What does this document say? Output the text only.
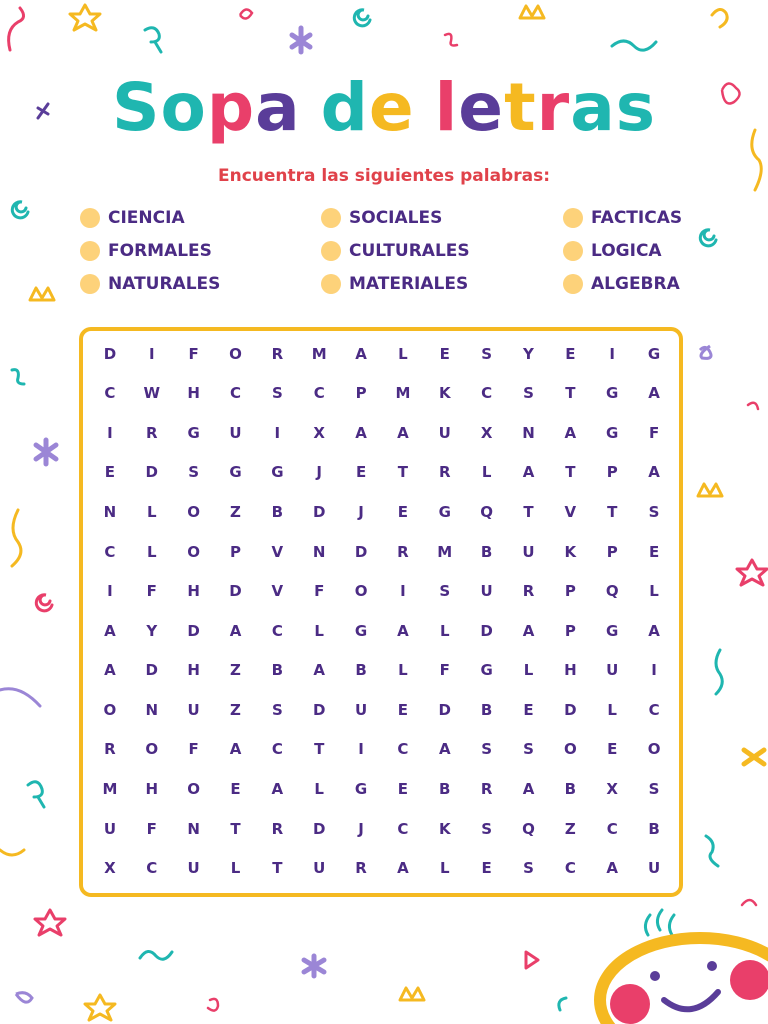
Sopa de letras
Encuentra las siguientes palabras:
CIENCIA	SOCIALES	FACTICAS
FORMALES	CULTURALES	LOGICA
NATURALES	MATERIALES	ALGEBRA
D	I	F	O	R	M	A	L	E	S	Y	E	I	G
C	W	H	C	S	C	P	M	K	C	S	T	G	A
I	R	G	U	I	X	A	A	U	X	N	A	G	F
E	D	S	G	G	J	E	T	R	L	A	T	P	A
N	L	O	Z	B	D	J	E	G	Q	T	V	T	S
C	L	O	P	V	N	D	R	M	B	U	K	P	E
I	F	H	D	V	F	O	I	S	U	R	P	Q	L
A	Y	D	A	C	L	G	A	L	D	A	P	G	A
A	D	H	Z	B	A	B	L	F	G	L	H	U	I
O	N	U	Z	S	D	U	E	D	B	E	D	L	C
R	O	F	A	C	T	I	C	A	S	S	O	E	O
M	H	O	E	A	L	G	E	B	R	A	B	X	S
U	F	N	T	R	D	J	C	K	S	Q	Z	C	B
X	C	U	L	T	U	R	A	L	E	S	C	A	U
